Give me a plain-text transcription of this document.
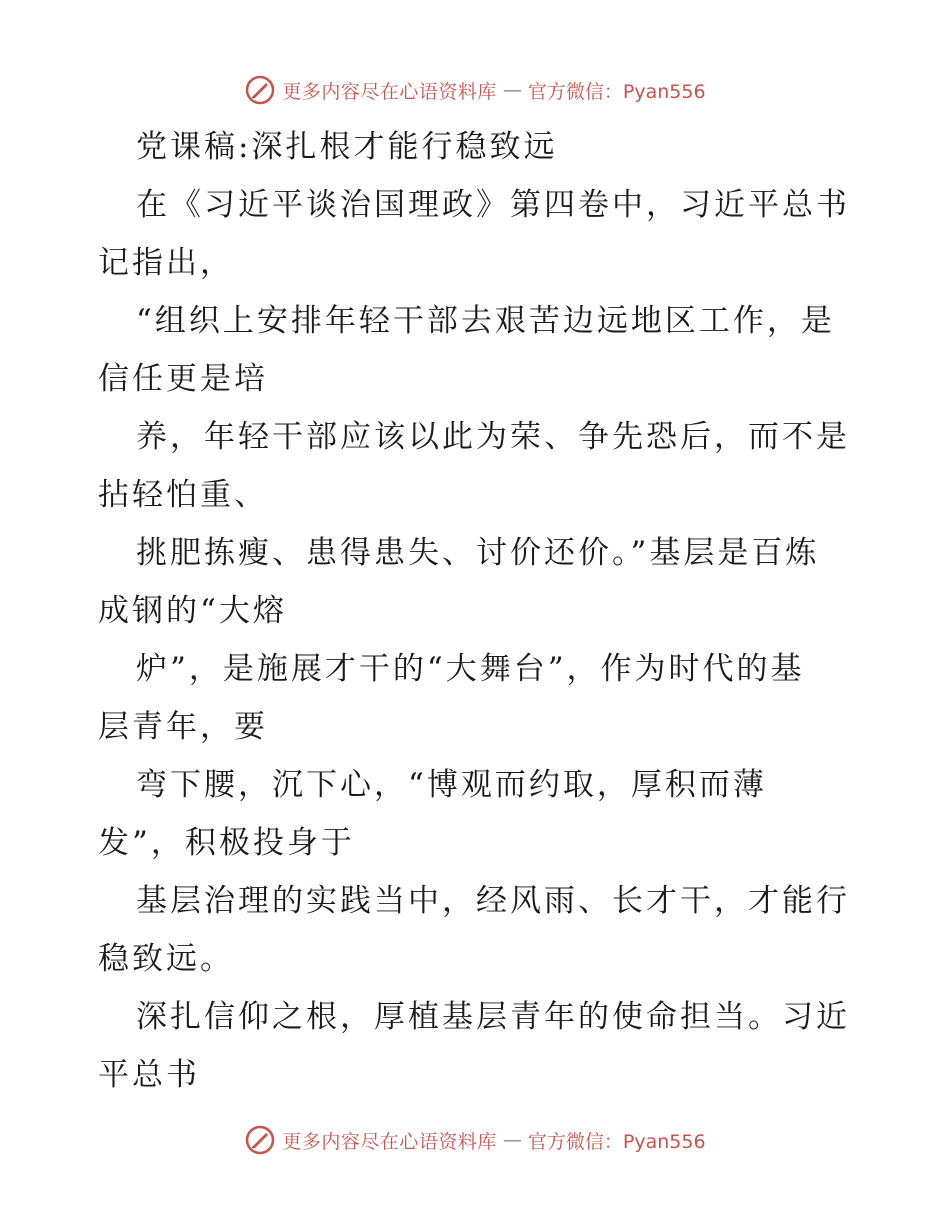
更多内容尽在心语资料库 — 官方微信：Pyan556
党课稿:深扎根才能行稳致远
在《习近平谈治国理政》第四卷中，习近平总书
记指出，
“组织上安排年轻干部去艰苦边远地区工作，是
信任更是培
养，年轻干部应该以此为荣、争先恐后，而不是
拈轻怕重、
挑肥拣瘦、患得患失、讨价还价。”基层是百炼
成钢的“大熔
炉”，是施展才干的“大舞台”，作为时代的基
层青年，要
弯下腰，沉下心，“博观而约取，厚积而薄
发”，积极投身于
基层治理的实践当中，经风雨、长才干，才能行
稳致远。
深扎信仰之根，厚植基层青年的使命担当。习近
平总书
更多内容尽在心语资料库 — 官方微信：Pyan556
